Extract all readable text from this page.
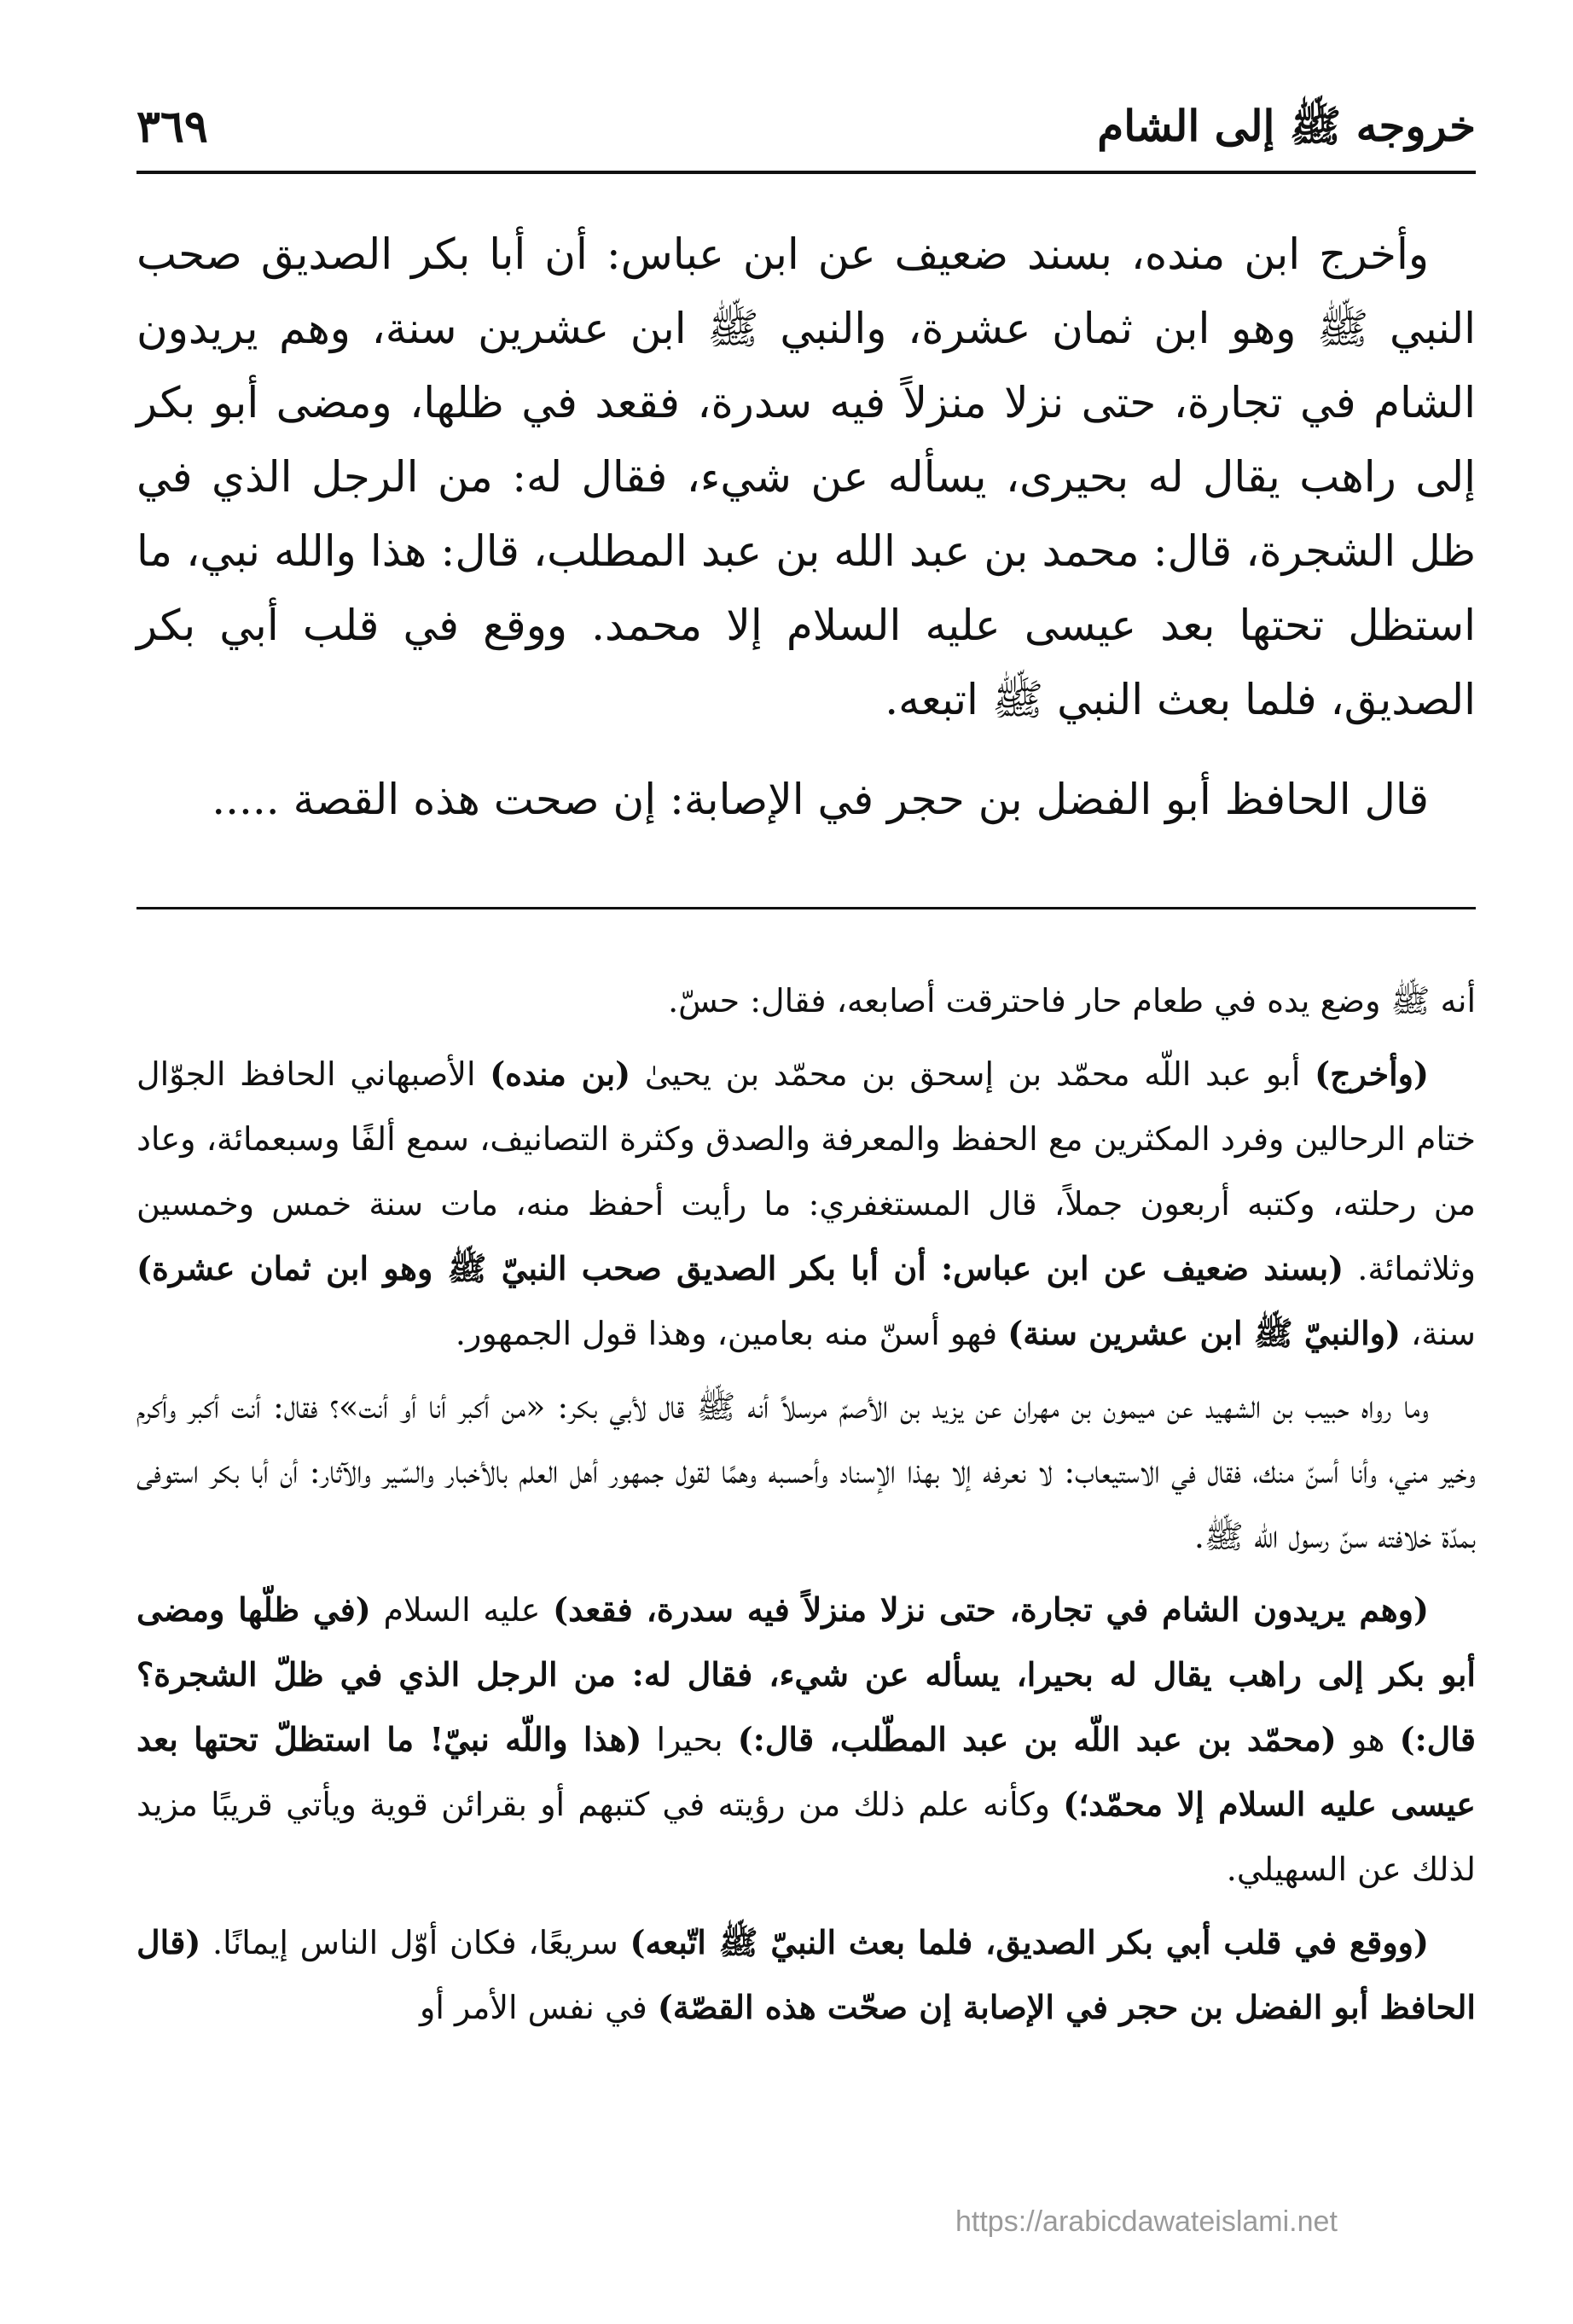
خروجه ﷺ إلى الشام
٣٦٩

وأخرج ابن منده، بسند ضعيف عن ابن عباس: أن أبا بكر الصديق صحب النبي ﷺ وهو ابن ثمان عشرة، والنبي ﷺ ابن عشرين سنة، وهم يريدون الشام في تجارة، حتى نزلا منزلاً فيه سدرة، فقعد في ظلها، ومضى أبو بكر إلى راهب يقال له بحيرى، يسأله عن شيء، فقال له: من الرجل الذي في ظل الشجرة، قال: محمد بن عبد الله بن عبد المطلب، قال: هذا والله نبي، ما استظل تحتها بعد عيسى عليه السلام إلا محمد. ووقع في قلب أبي بكر الصديق، فلما بعث النبي ﷺ اتبعه.

قال الحافظ أبو الفضل بن حجر في الإصابة: إن صحت هذه القصة .....

أنه ﷺ وضع يده في طعام حار فاحترقت أصابعه، فقال: حسّ.

(وأخرج) أبو عبد اللّه محمّد بن إسحق بن محمّد بن يحيىٰ (بن منده) الأصبهاني الحافظ الجوّال ختام الرحالين وفرد المكثرين مع الحفظ والمعرفة والصدق وكثرة التصانيف، سمع ألفًا وسبعمائة، وعاد من رحلته، وكتبه أربعون جملاً، قال المستغفري: ما رأيت أحفظ منه، مات سنة خمس وخمسين وثلاثمائة. (بسند ضعيف عن ابن عباس: أن أبا بكر الصديق صحب النبيّ ﷺ وهو ابن ثمان عشرة) سنة، (والنبيّ ﷺ ابن عشرين سنة) فهو أسنّ منه بعامين، وهذا قول الجمهور.

وما رواه حبيب بن الشهيد عن ميمون بن مهران عن يزيد بن الأصمّ مرسلاً أنه ﷺ قال لأبي بكر: «من أكبر أنا أو أنت»؟ فقال: أنت أكبر وأكرم وخير مني، وأنا أسنّ منك، فقال في الاستيعاب: لا نعرفه إلا بهذا الإسناد وأحسبه وهمًا لقول جمهور أهل العلم بالأخبار والسّير والآثار: أن أبا بكر استوفى بمدّة خلافته سنّ رسول اللّه ﷺ.

(وهم يريدون الشام في تجارة، حتى نزلا منزلاً فيه سدرة، فقعد) عليه السلام (في ظلّها ومضى أبو بكر إلى راهب يقال له بحيرا، يسأله عن شيء، فقال له: من الرجل الذي في ظلّ الشجرة؟ قال:) هو (محمّد بن عبد اللّه بن عبد المطّلب، قال:) بحيرا (هذا واللّه نبيّ! ما استظلّ تحتها بعد عيسى عليه السلام إلا محمّد؛) وكأنه علم ذلك من رؤيته في كتبهم أو بقرائن قوية ويأتي قريبًا مزيد لذلك عن السهيلي.

(ووقع في قلب أبي بكر الصديق، فلما بعث النبيّ ﷺ اتّبعه) سريعًا، فكان أوّل الناس إيمانًا. (قال الحافظ أبو الفضل بن حجر في الإصابة إن صحّت هذه القصّة) في نفس الأمر أو

https://arabicdawateislami.net
